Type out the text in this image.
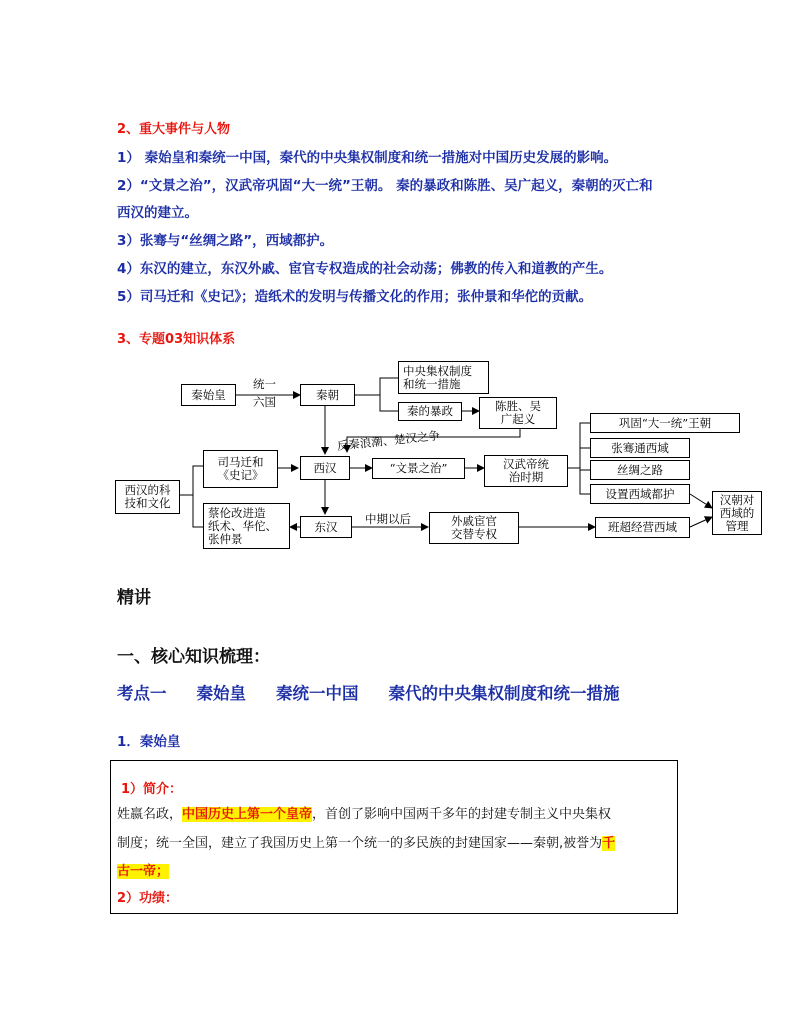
2、重大事件与人物
1） 秦始皇和秦统一中国，秦代的中央集权制度和统一措施对中国历史发展的影响。
2）“文景之治”，汉武帝巩固“大一统”王朝。 秦的暴政和陈胜、吴广起义，秦朝的灭亡和
西汉的建立。
3）张骞与“丝绸之路”，西域都护。
4）东汉的建立，东汉外戚、宦官专权造成的社会动荡；佛教的传入和道教的产生。
5）司马迁和《史记》；造纸术的发明与传播文化的作用；张仲景和华佗的贡献。
3、专题03知识体系
秦始皇
统一
六国
秦朝
中央集权制度
和统一措施
秦的暴政	陈胜、吴
广起义
反秦浪潮、楚汉之争
西汉	“文景之治”	汉武帝统
治时期
巩固“大一统”王朝
张骞通西域
丝绸之路
设置西域都护	汉朝对
西域的
管理
西汉的科
技和文化
司马迁和
《史记》
蔡伦改进造
纸术、华佗、
张仲景
东汉
中期以后	外戚宦官
交替专权	班超经营西域
精讲
一、核心知识梳理：
考点一 秦始皇 秦统一中国 秦代的中央集权制度和统一措施
1．秦始皇
1）简介：
姓嬴名政，中国历史上第一个皇帝，首创了影响中国两千多年的封建专制主义中央集权
制度；统一全国，建立了我国历史上第一个统一的多民族的封建国家——秦朝,被誉为千
古一帝；
2）功绩：
